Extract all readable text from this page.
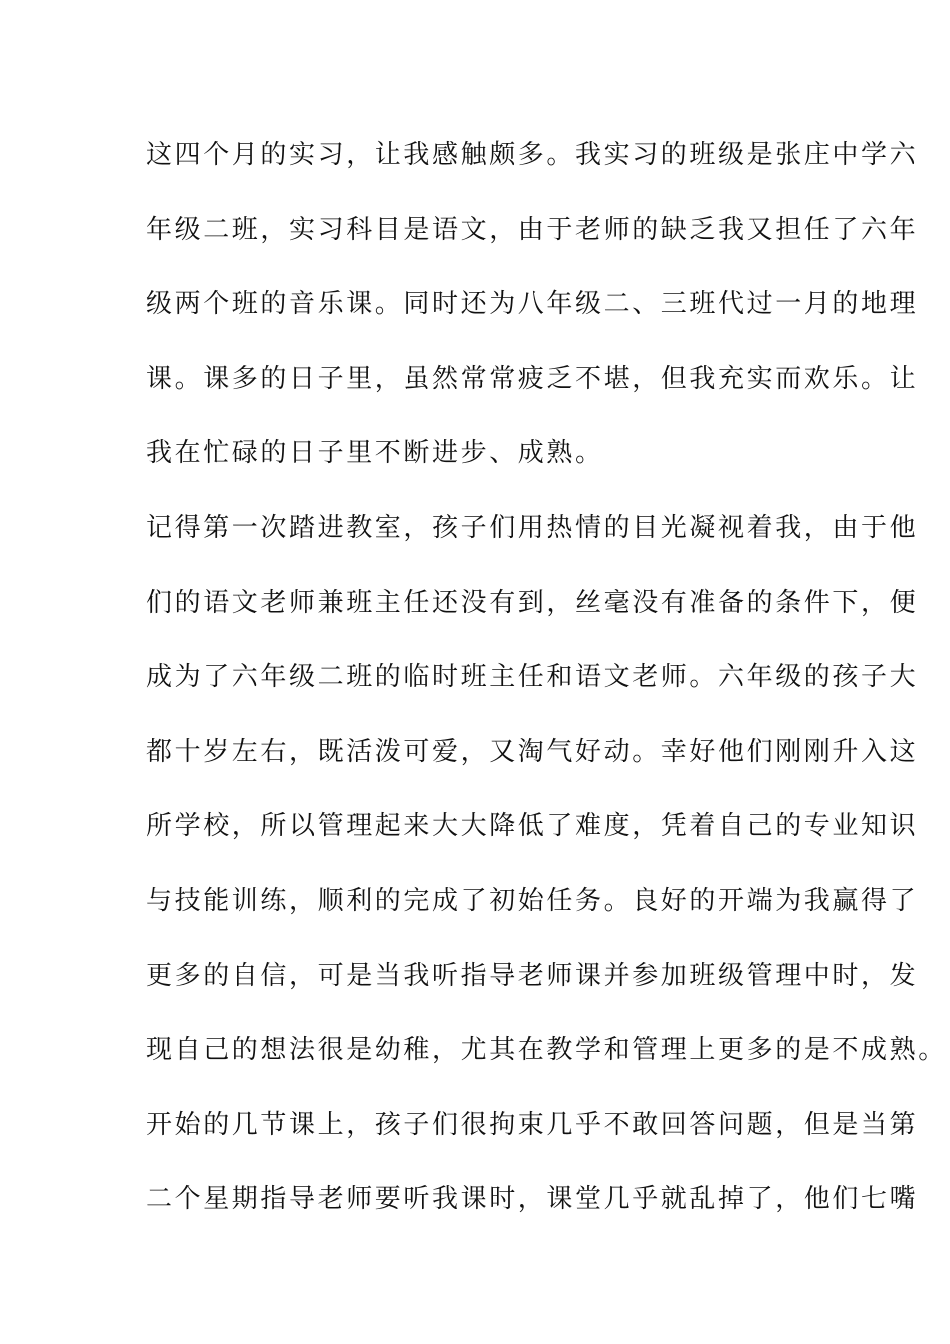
这四个月的实习，让我感触颇多。我实习的班级是张庄中学六
年级二班，实习科目是语文，由于老师的缺乏我又担任了六年
级两个班的音乐课。同时还为八年级二、三班代过一月的地理
课。课多的日子里，虽然常常疲乏不堪，但我充实而欢乐。让
我在忙碌的日子里不断进步、成熟。
记得第一次踏进教室，孩子们用热情的目光凝视着我，由于他
们的语文老师兼班主任还没有到，丝毫没有准备的条件下，便
成为了六年级二班的临时班主任和语文老师。六年级的孩子大
都十岁左右，既活泼可爱，又淘气好动。幸好他们刚刚升入这
所学校，所以管理起来大大降低了难度，凭着自己的专业知识
与技能训练，顺利的完成了初始任务。良好的开端为我赢得了
更多的自信，可是当我听指导老师课并参加班级管理中时，发
现自己的想法很是幼稚，尤其在教学和管理上更多的是不成熟。
开始的几节课上，孩子们很拘束几乎不敢回答问题，但是当第
二个星期指导老师要听我课时，课堂几乎就乱掉了，他们七嘴
